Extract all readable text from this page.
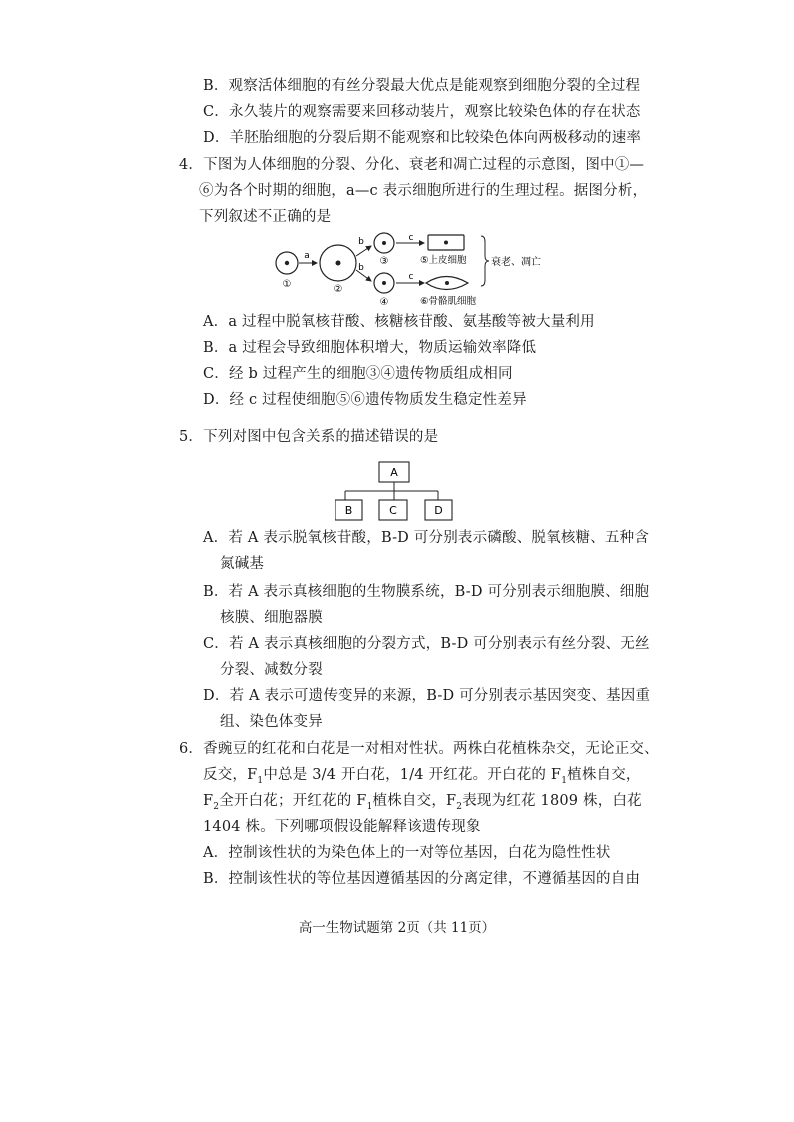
B．观察活体细胞的有丝分裂最大优点是能观察到细胞分裂的全过程
C．永久装片的观察需要来回移动装片，观察比较染色体的存在状态
D．羊胚胎细胞的分裂后期不能观察和比较染色体向两极移动的速率
4．下图为人体细胞的分裂、分化、衰老和凋亡过程的示意图，图中①—
⑥为各个时期的细胞，a—c 表示细胞所进行的生理过程。据图分析，
下列叙述不正确的是
①
a
②
b
b
③
④
c
c
⑤上皮细胞
⑥骨骼肌细胞
衰老、凋亡
A．a 过程中脱氧核苷酸、核糖核苷酸、氨基酸等被大量利用
B．a 过程会导致细胞体积增大，物质运输效率降低
C．经 b 过程产生的细胞③④遗传物质组成相同
D．经 c 过程使细胞⑤⑥遗传物质发生稳定性差异
5．下列对图中包含关系的描述错误的是
A
B	C	D
A．若 A 表示脱氧核苷酸，B-D 可分别表示磷酸、脱氧核糖、五种含
氮碱基
B．若 A 表示真核细胞的生物膜系统，B-D 可分别表示细胞膜、细胞
核膜、细胞器膜
C．若 A 表示真核细胞的分裂方式，B-D 可分别表示有丝分裂、无丝
分裂、减数分裂
D．若 A 表示可遗传变异的来源，B-D 可分别表示基因突变、基因重
组、染色体变异
6．香豌豆的红花和白花是一对相对性状。两株白花植株杂交，无论正交、
反交，$F_1$中总是 3/4 开白花，1/4 开红花。开白花的 $F_1$植株自交，
$F_2$全开白花；开红花的 $F_1$植株自交，$F_2$表现为红花 1809 株，白花
1404 株。下列哪项假设能解释该遗传现象
A．控制该性状的为染色体上的一对等位基因，白花为隐性性状
B．控制该性状的等位基因遵循基因的分离定律，不遵循基因的自由
高一生物试题第 2页（共 11页）
